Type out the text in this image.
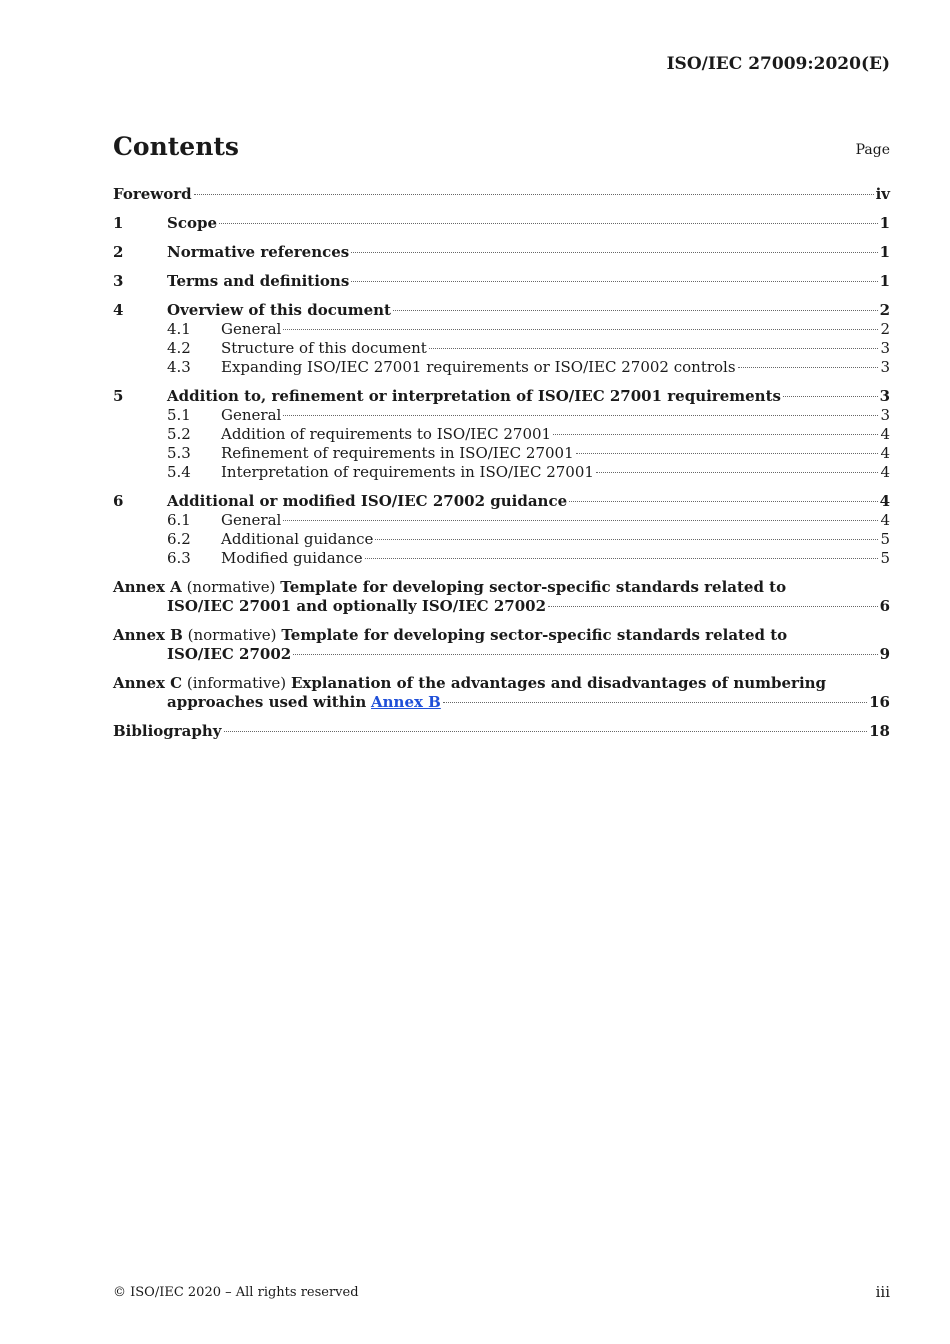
ISO/IEC 27009:2020(E)
Contents	Page
Foreword	iv
1	Scope	1
2	Normative references	1
3	Terms and definitions	1
4	Overview of this document	2
4.1	General	2
4.2	Structure of this document	3
4.3	Expanding ISO/IEC 27001 requirements or ISO/IEC 27002 controls	3
5	Addition to, refinement or interpretation of ISO/IEC 27001 requirements	3
5.1	General	3
5.2	Addition of requirements to ISO/IEC 27001	4
5.3	Refinement of requirements in ISO/IEC 27001	4
5.4	Interpretation of requirements in ISO/IEC 27001	4
6	Additional or modified ISO/IEC 27002 guidance	4
6.1	General	4
6.2	Additional guidance	5
6.3	Modified guidance	5
Annex A (normative) Template for developing sector-specific standards related to
ISO/IEC 27001 and optionally ISO/IEC 27002	6
Annex B (normative) Template for developing sector-specific standards related to
ISO/IEC 27002	9
Annex C (informative) Explanation of the advantages and disadvantages of numbering
approaches used within
Annex B	16
Bibliography	18
© ISO/IEC 2020 – All rights reserved	iii
